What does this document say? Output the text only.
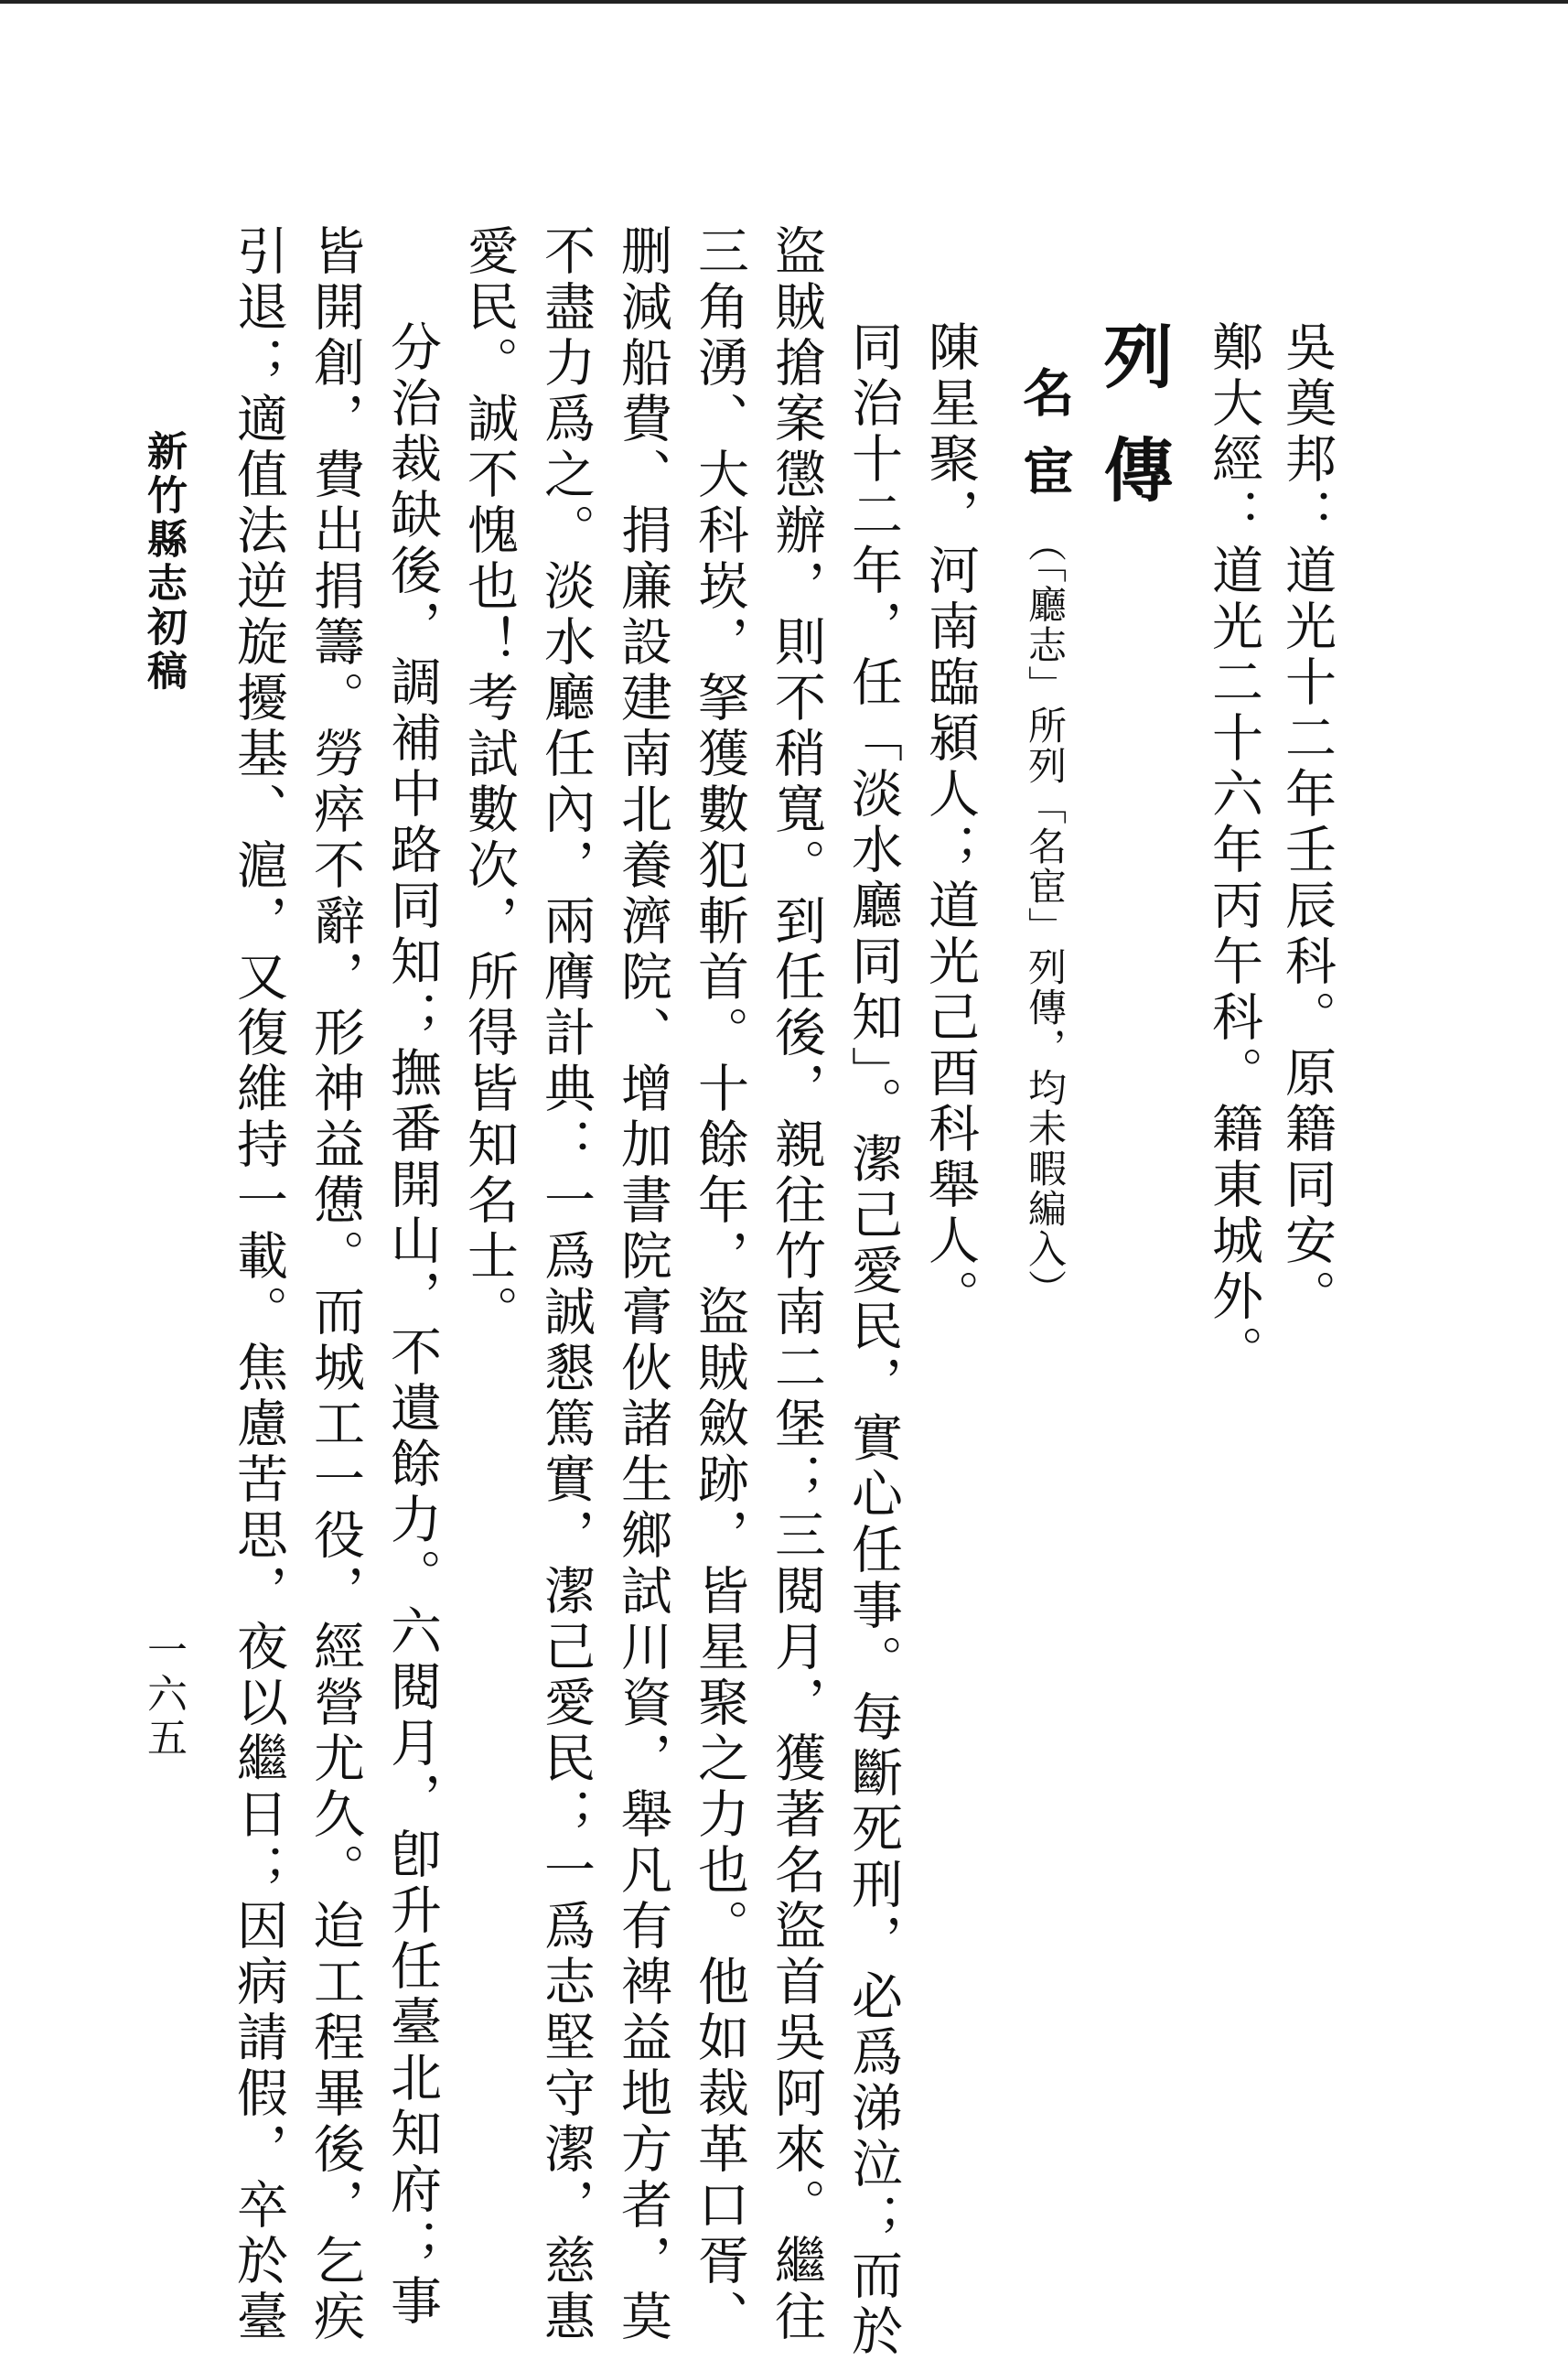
吳奠邦：道光十二年壬辰科。原籍同安。
鄭大經：道光二十六年丙午科。籍東城外。
列傳
名宦（「廳志」所列「名宦」列傳，均未暇編入）
陳星聚，河南臨潁人；道光己酉科舉人。
同治十二年，任「淡水廳同知」。潔己愛民，實心任事。每斷死刑，必爲涕泣；而於
盜賊搶案懲辦，則不稍寬。到任後，親往竹南二堡；三閱月，獲著名盜首吳阿來。繼往
三角湧、大科崁，拏獲數犯斬首。十餘年，盜賊斂跡，皆星聚之力也。他如裁革口胥、
删減船費、捐廉設建南北養濟院、增加書院膏伙諸生鄉試川資，舉凡有裨益地方者，莫
不盡力爲之。淡水廳任內，兩膺計典：一爲誠懇篤實，潔己愛民；一爲志堅守潔，慈惠
愛民。誠不愧也！考試數次，所得皆知名士。
分治裁缺後，調補中路同知；撫番開山，不遺餘力。六閱月，卽升任臺北知府；事
皆開創，費出捐籌。勞瘁不辭，形神益憊。而城工一役，經營尤久。迨工程畢後，乞疾
引退；適值法逆旋擾基、滬，又復維持一載。焦慮苦思，夜以繼日；因病請假，卒於臺
新竹縣志初稿
一六五
